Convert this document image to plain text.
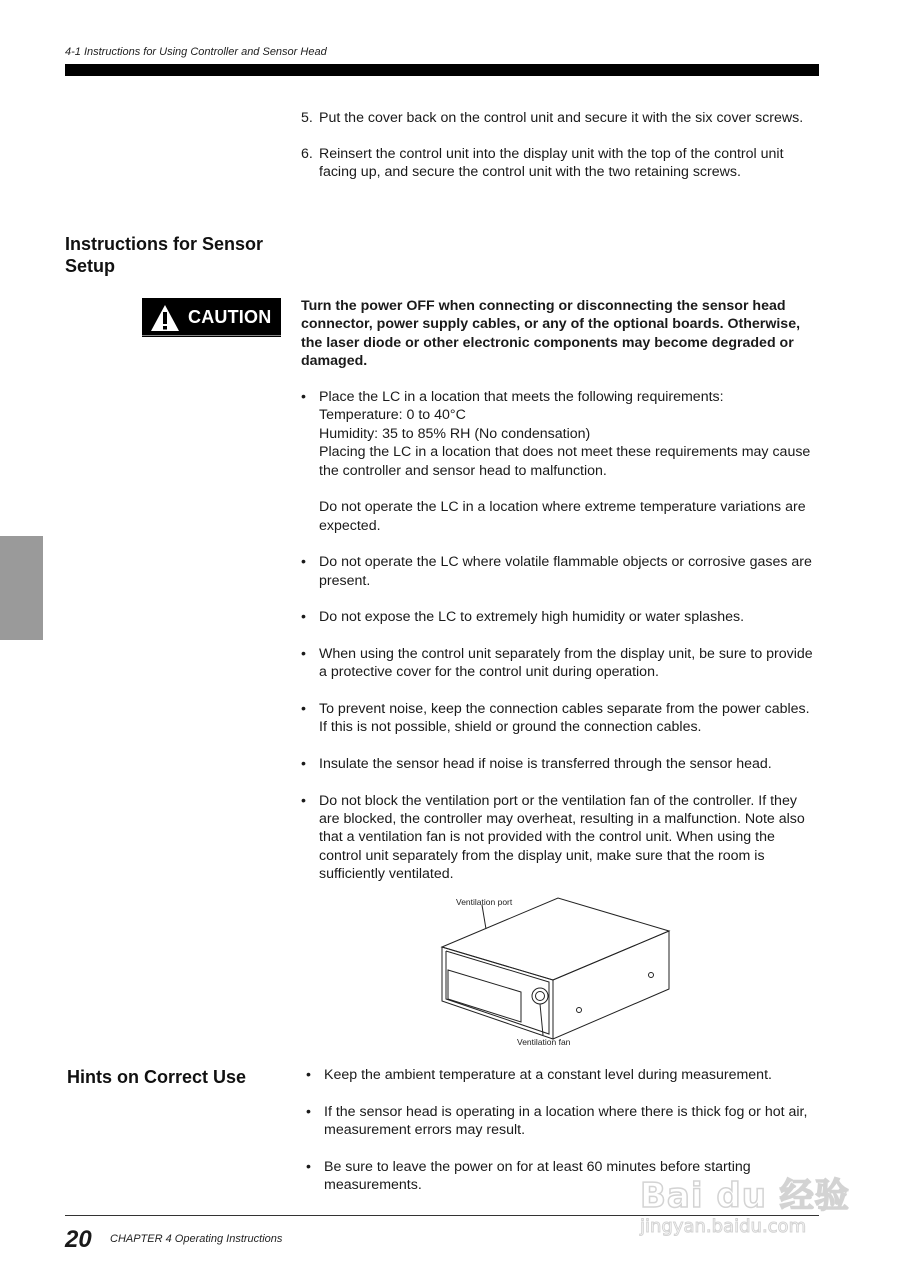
4-1 Instructions for Using Controller and Sensor Head
5. Put the cover back on the control unit and secure it with the six cover screws.
6. Reinsert the control unit into the display unit with the top of the control unit facing up, and secure the control unit with the two retaining screws.
Instructions for Sensor Setup
CAUTION
Turn the power OFF when connecting or disconnecting the sensor head connector, power supply cables, or any of the optional boards. Otherwise, the laser diode or other electronic components may become degraded or damaged.
• Place the LC in a location that meets the following requirements:
Temperature: 0 to 40°C
Humidity: 35 to 85% RH (No condensation)
Placing the LC in a location that does not meet these requirements may cause the controller and sensor head to malfunction.
Do not operate the LC in a location where extreme temperature variations are expected.
• Do not operate the LC where volatile flammable objects or corrosive gases are present.
• Do not expose the LC to extremely high humidity or water splashes.
• When using the control unit separately from the display unit, be sure to provide a protective cover for the control unit during operation.
• To prevent noise, keep the connection cables separate from the power cables. If this is not possible, shield or ground the connection cables.
• Insulate the sensor head if noise is transferred through the sensor head.
• Do not block the ventilation port or the ventilation fan of the controller. If they are blocked, the controller may overheat, resulting in a malfunction. Note also that a ventilation fan is not provided with the control unit. When using the control unit separately from the display unit, make sure that the room is sufficiently ventilated.
Ventilation port
Ventilation fan
Hints on Correct Use	• Keep the ambient temperature at a constant level during measurement.
• If the sensor head is operating in a location where there is thick fog or hot air, measurement errors may result.
• Be sure to leave the power on for at least 60 minutes before starting measurements.
20 CHAPTER 4 Operating Instructions
Bai du 经验
jingyan.baidu.com
